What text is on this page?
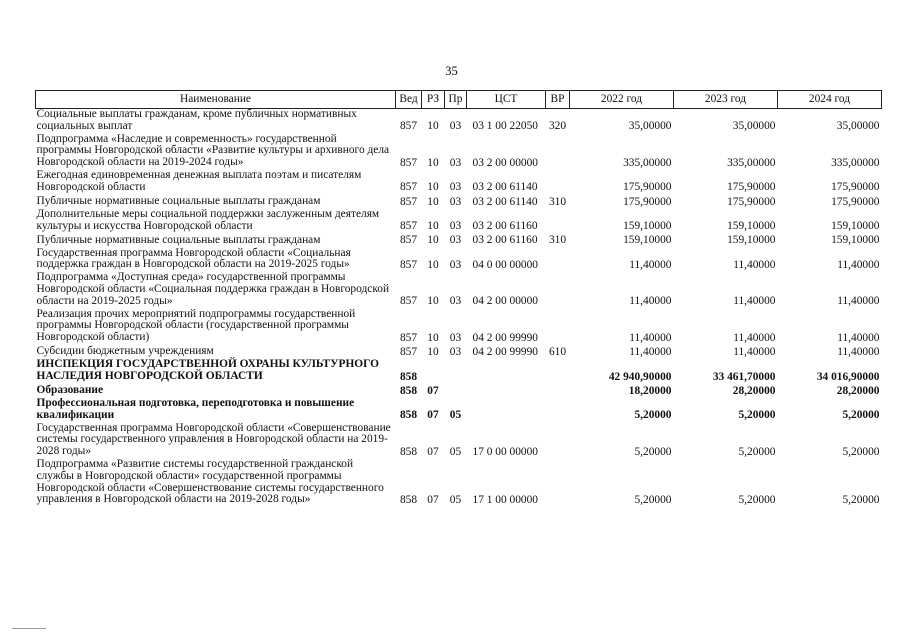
35
Наименование	Вед	РЗ	Пр	ЦСТ	ВР	2022 год	2023 год	2024 год
Социальные выплаты гражданам, кроме публичных нормативных социальных выплат	857	10	03	03 1 00 22050	320	35,00000	35,00000	35,00000
Подпрограмма «Наследие и современность» государственной программы Новгородской области «Развитие культуры и архивного дела Новгородской области на 2019-2024 годы»	857	10	03	03 2 00 00000		335,00000	335,00000	335,00000
Ежегодная единовременная денежная выплата поэтам и писателям Новгородской области	857	10	03	03 2 00 61140		175,90000	175,90000	175,90000
Публичные нормативные социальные выплаты гражданам	857	10	03	03 2 00 61140	310	175,90000	175,90000	175,90000
Дополнительные меры социальной поддержки заслуженным деятелям культуры и искусства Новгородской области	857	10	03	03 2 00 61160		159,10000	159,10000	159,10000
Публичные нормативные социальные выплаты гражданам	857	10	03	03 2 00 61160	310	159,10000	159,10000	159,10000
Государственная программа Новгородской области «Социальная поддержка граждан в Новгородской области на 2019-2025 годы»	857	10	03	04 0 00 00000		11,40000	11,40000	11,40000
Подпрограмма «Доступная среда» государственной программы Новгородской области «Социальная поддержка граждан в Новгородской области на 2019-2025 годы»	857	10	03	04 2 00 00000		11,40000	11,40000	11,40000
Реализация прочих мероприятий подпрограммы государственной программы Новгородской области (государственной программы Новгородской области)	857	10	03	04 2 00 99990		11,40000	11,40000	11,40000
Субсидии бюджетным учреждениям	857	10	03	04 2 00 99990	610	11,40000	11,40000	11,40000
ИНСПЕКЦИЯ ГОСУДАРСТВЕННОЙ ОХРАНЫ КУЛЬТУРНОГО НАСЛЕДИЯ НОВГОРОДСКОЙ ОБЛАСТИ	858					42 940,90000	33 461,70000	34 016,90000
Образование	858	07				18,20000	28,20000	28,20000
Профессиональная подготовка, переподготовка и повышение квалификации	858	07	05			5,20000	5,20000	5,20000
Государственная программа Новгородской области «Совершенствование системы государственного управления в Новгородской области на 2019-2028 годы»	858	07	05	17 0 00 00000		5,20000	5,20000	5,20000
Подпрограмма «Развитие системы государственной гражданской службы в Новгородской области» государственной программы Новгородской области «Совершенствование системы государственного управления в Новгородской области на 2019-2028 годы»	858	07	05	17 1 00 00000		5,20000	5,20000	5,20000
